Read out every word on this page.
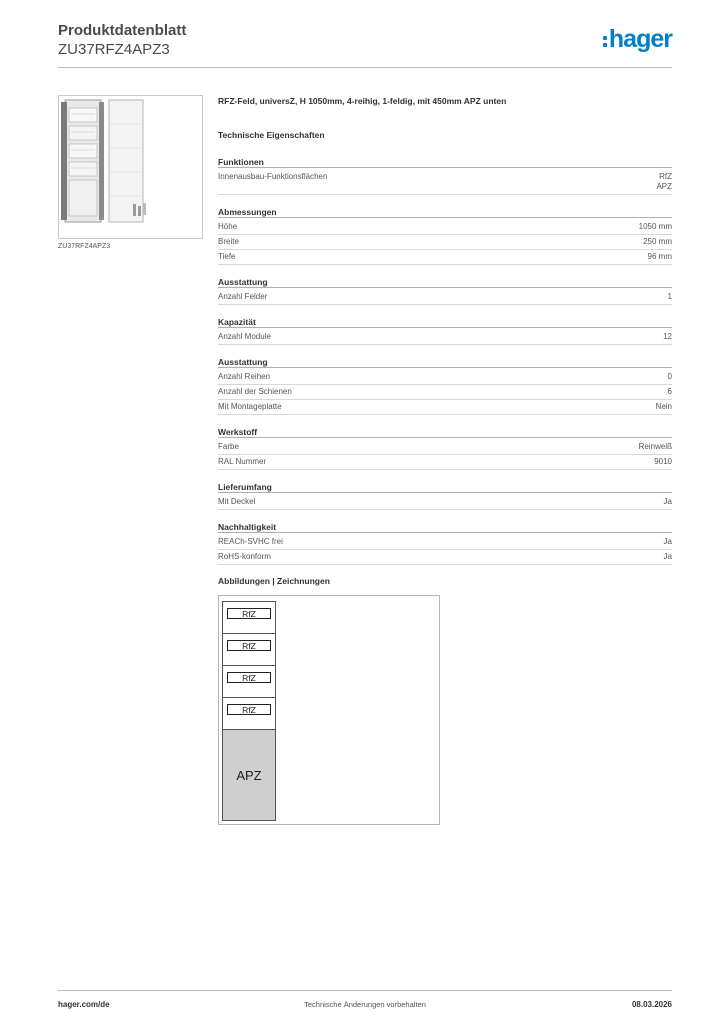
Produktdatenblatt
ZU37RFZ4APZ3	hager
ZU37RFZ4APZ3
RFZ-Feld, universZ, H 1050mm, 4-reihig, 1-feldig, mit 450mm APZ unten
Technische Eigenschaften
Funktionen
Innenausbau-Funktionsflächen	RfZ
APZ
Abmessungen
Höhe	1050 mm
Breite	250 mm
Tiefe	96 mm
Ausstattung
Anzahl Felder	1
Kapazität
Anzahl Module	12
Ausstattung
Anzahl Reihen	0
Anzahl der Schienen	6
Mit Montageplatte	Nein
Werkstoff
Farbe	Reinweiß
RAL Nummer	9010
Lieferumfang
Mit Deckel	Ja
Nachhaltigkeit
REACh-SVHC frei	Ja
RoHS-konform	Ja
Abbildungen | Zeichnungen
RfZ
RfZ
RfZ
RfZ
APZ
hager.com/de	Technische Änderungen vorbehalten	08.03.2026
